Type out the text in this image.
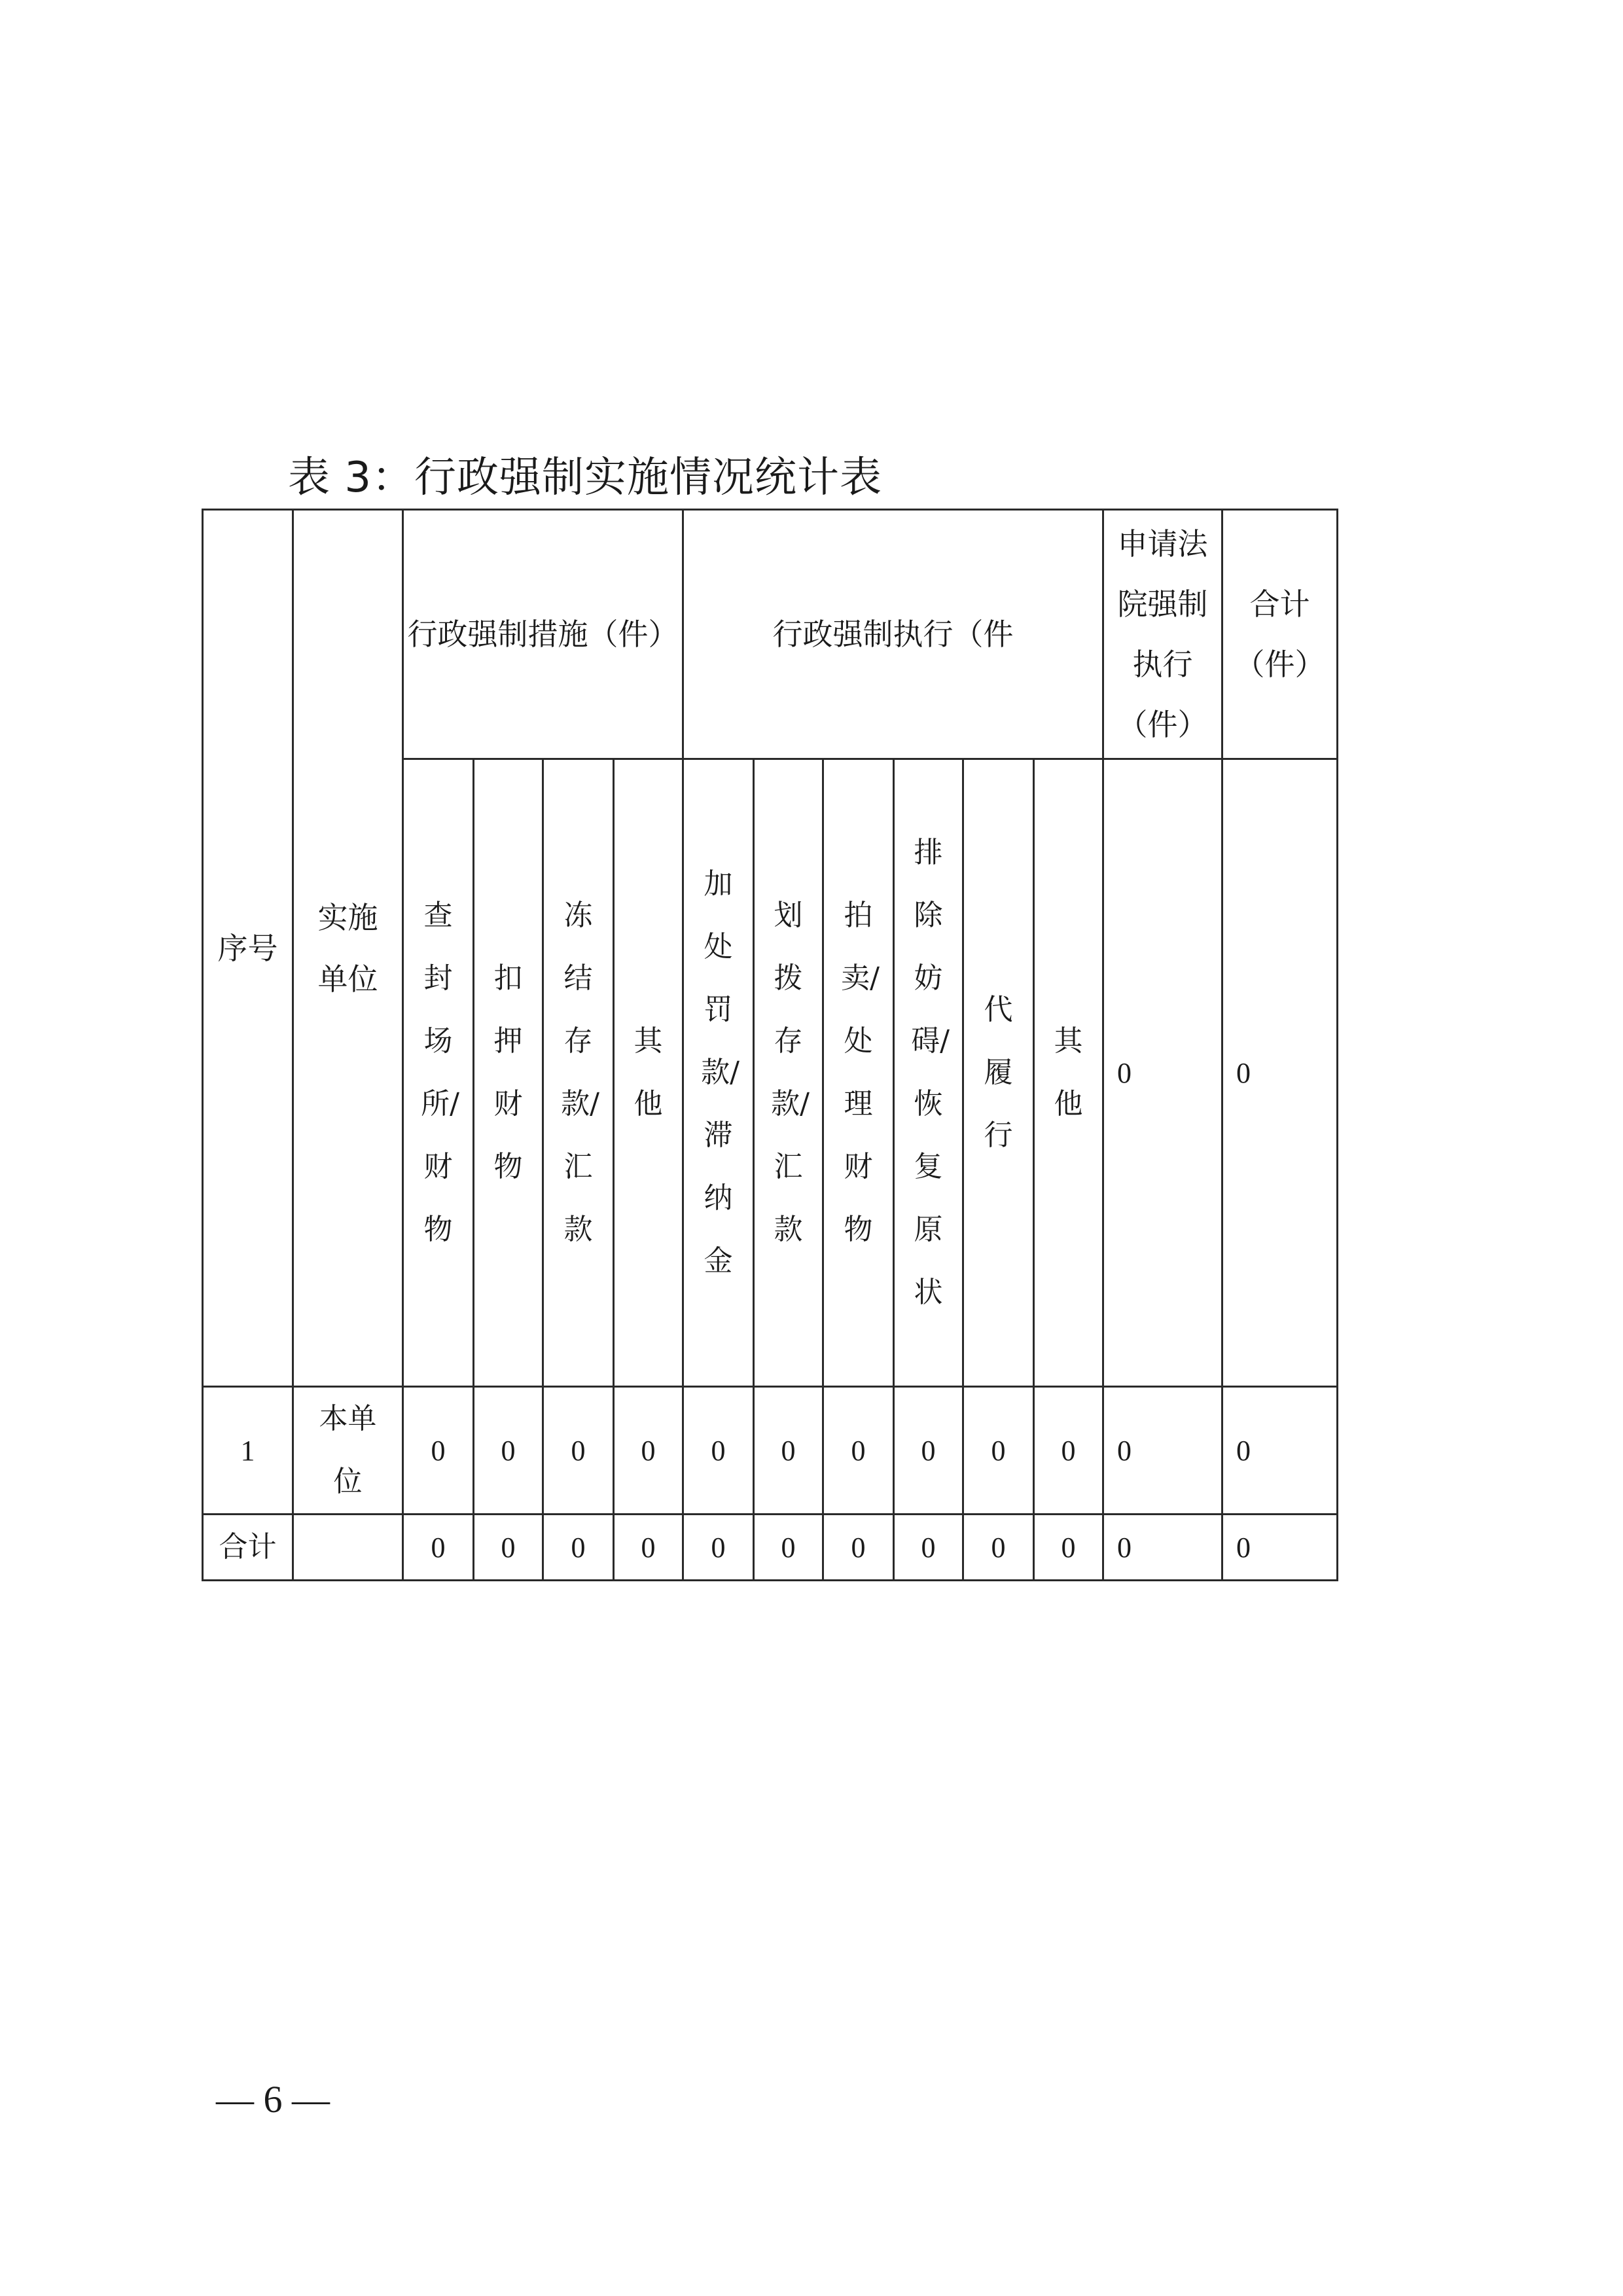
表 3：行政强制实施情况统计表
序号	实施单位	行政强制措施（件）				行政强制执行（件						申请法院强制执行（件）	合计（件）
		查封场所/财物	扣押财物	冻结存款/汇款	其他	加处罚款/滞纳金	划拨存款/汇款	拍卖/处理财物	排除妨碍/恢复原状	代履行	其他	0	0
1	本单位	0	0	0	0	0	0	0	0	0	0	0	0
合计		0	0	0	0	0	0	0	0	0	0	0	0
— 6 —
